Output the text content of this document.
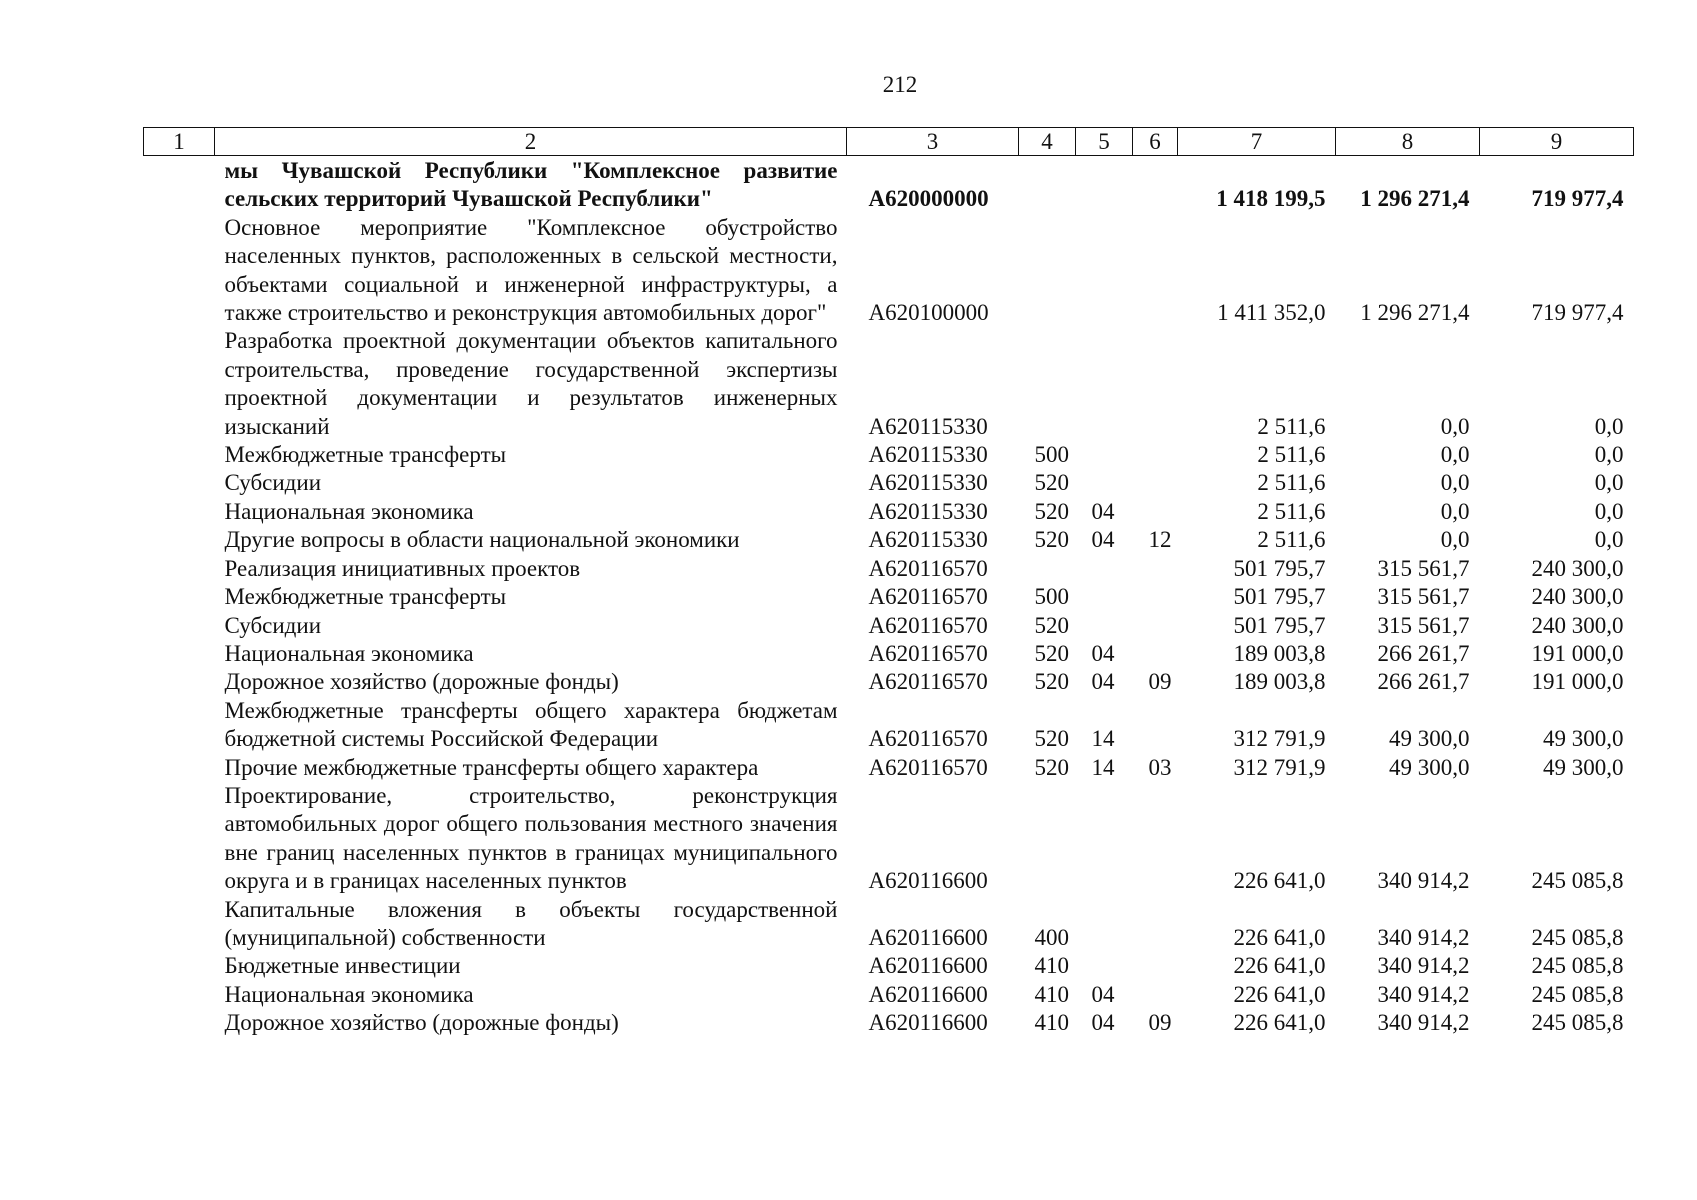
212
1	2	3	4	5	6	7	8	9
	мы Чувашской Республики "Комплексное развитие сельских территорий Чувашской Республики"	А620000000				1 418 199,5	1 296 271,4	719 977,4
	Основное мероприятие "Комплексное обустройство населенных пунктов, расположенных в сельской местности, объектами социальной и инженерной инфраструктуры, а также строительство и реконструкция автомобильных дорог"	А620100000				1 411 352,0	1 296 271,4	719 977,4
	Разработка проектной документации объектов капитального строительства, проведение государственной экспертизы проектной документации и результатов инженерных изысканий	А620115330				2 511,6	0,0	0,0
	Межбюджетные трансферты	А620115330	500			2 511,6	0,0	0,0
	Субсидии	А620115330	520			2 511,6	0,0	0,0
	Национальная экономика	А620115330	520	04		2 511,6	0,0	0,0
	Другие вопросы в области национальной экономики	А620115330	520	04	12	2 511,6	0,0	0,0
	Реализация инициативных проектов	А620116570				501 795,7	315 561,7	240 300,0
	Межбюджетные трансферты	А620116570	500			501 795,7	315 561,7	240 300,0
	Субсидии	А620116570	520			501 795,7	315 561,7	240 300,0
	Национальная экономика	А620116570	520	04		189 003,8	266 261,7	191 000,0
	Дорожное хозяйство (дорожные фонды)	А620116570	520	04	09	189 003,8	266 261,7	191 000,0
	Межбюджетные трансферты общего характера бюджетам бюджетной системы Российской Федерации	А620116570	520	14		312 791,9	49 300,0	49 300,0
	Прочие межбюджетные трансферты общего характера	А620116570	520	14	03	312 791,9	49 300,0	49 300,0
	Проектирование, строительство, реконструкция автомобильных дорог общего пользования местного значения вне границ населенных пунктов в границах муниципального округа и в границах населенных пунктов	А620116600				226 641,0	340 914,2	245 085,8
	Капитальные вложения в объекты государственной (муниципальной) собственности	А620116600	400			226 641,0	340 914,2	245 085,8
	Бюджетные инвестиции	А620116600	410			226 641,0	340 914,2	245 085,8
	Национальная экономика	А620116600	410	04		226 641,0	340 914,2	245 085,8
	Дорожное хозяйство (дорожные фонды)	А620116600	410	04	09	226 641,0	340 914,2	245 085,8
